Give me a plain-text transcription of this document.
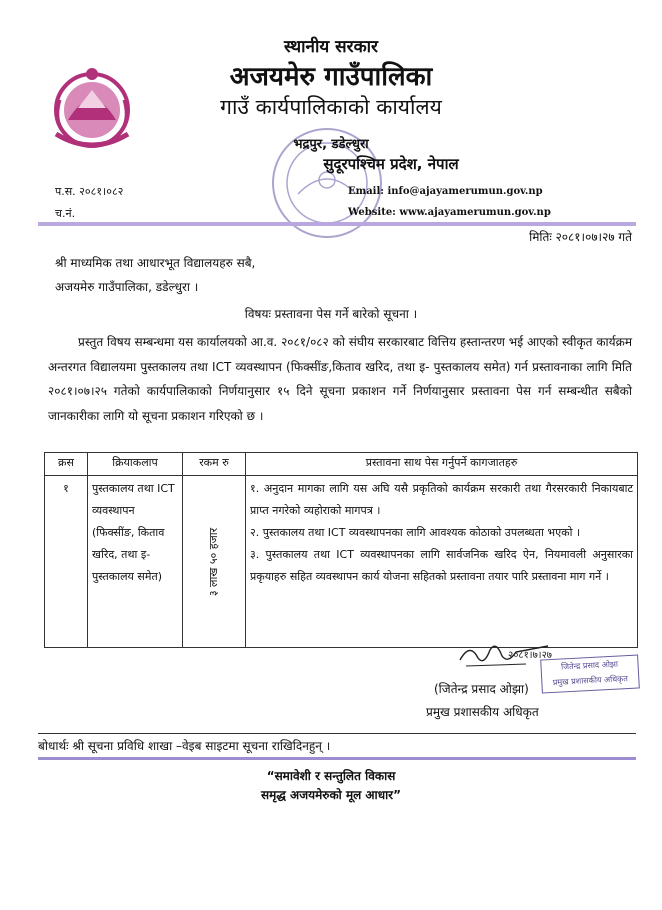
स्थानीय सरकार
अजयमेरु गाउँपालिका
गाउँ कार्यपालिकाको कार्यालय
भद्रपुर, डडेल्धुरा
सुदूरपश्चिम प्रदेश, नेपाल
प.स. २०८१।०८२
च.नं.
Email: info@ajayamerumun.gov.np
Website: www.ajayamerumun.gov.np
मितिः २०८१।०७।२७ गते
श्री माध्यमिक तथा आधारभूत विद्यालयहरु सबै,
अजयमेरु गाउँपालिका, डडेल्धुरा ।
विषयः प्रस्तावना पेस गर्ने बारेको सूचना ।
प्रस्तुत विषय सम्बन्धमा यस कार्यालयको आ.व. २०८१/०८२ को संघीय सरकारबाट वित्तिय हस्तान्तरण भई आएको स्वीकृत कार्यक्रम अन्तरगत विद्यालयमा पुस्तकालय तथा ICT व्यवस्थापन (फिक्सींङ,किताव खरिद, तथा इ- पुस्तकालय समेत) गर्न प्रस्तावनाका लागि मिति २०८१।०७।२५ गतेको कार्यपालिकाको निर्णयानुसार १५ दिने सूचना प्रकाशन गर्ने निर्णयानुसार प्रस्तावना पेस गर्न सम्बन्धीत सबैको जानकारीका लागि यो सूचना प्रकाशन गरिएको छ ।
क्रस	क्रियाकलाप	रकम रु	प्रस्तावना साथ पेस गर्नुपर्ने कागजातहरु
१	पुस्तकालय तथा ICT व्यवस्थापन (फिक्सींङ, किताव खरिद, तथा इ-पुस्तकालय समेत)	३ लाख ५० हजार	१. अनुदान मागका लागि यस अघि यसै प्रकृतिको कार्यक्रम सरकारी तथा गैरसरकारी निकायबाट प्राप्त नगरेको व्यहोराको मागपत्र ।
२. पुस्तकालय तथा ICT व्यवस्थापनका लागि आवश्यक कोठाको उपलब्धता भएको ।
३. पुस्तकालय तथा ICT व्यवस्थापनका लागि सार्वजनिक खरिद ऐन, नियमावली अनुसारका प्रकृयाहरु सहित व्यवस्थापन कार्य योजना सहितको प्रस्तावना तयार पारि प्रस्तावना माग गर्ने ।
२०८१।७।२७
जितेन्द्र प्रसाद ओझा
प्रमुख प्रशासकीय अधिकृत
(जितेन्द्र प्रसाद ओझा)
प्रमुख प्रशासकीय अधिकृत
बोधार्थः श्री सूचना प्रविधि शाखा –वेइब साइटमा सूचना राखिदिनहुन् ।
“समावेशी र सन्तुलित विकास
समृद्ध अजयमेरुको मूल आधार”
